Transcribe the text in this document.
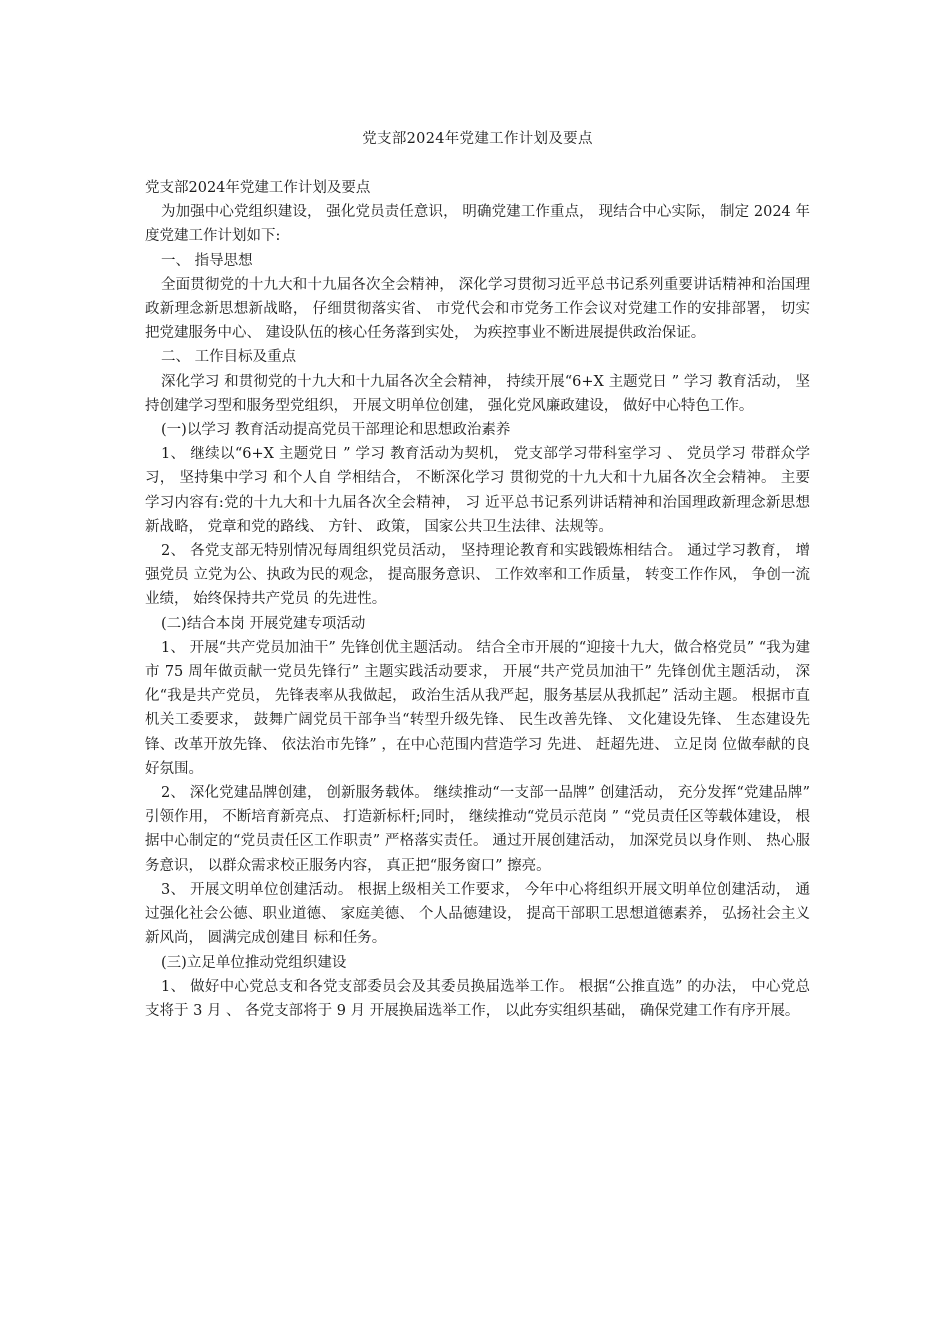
党支部2024年党建工作计划及要点

党支部2024年党建工作计划及要点

为加强中心党组织建设， 强化党员责任意识， 明确党建工作重点， 现结合中心实际， 制定 2024 年度党建工作计划如下:

一、 指导思想

全面贯彻党的十九大和十九届各次全会精神， 深化学习贯彻习近平总书记系列重要讲话精神和治国理政新理念新思想新战略， 仔细贯彻落实省、 市党代会和市党务工作会议对党建工作的安排部署， 切实把党建服务中心、 建设队伍的核心任务落到实处， 为疾控事业不断进展提供政治保证。

二、 工作目标及重点

深化学习 和贯彻党的十九大和十九届各次全会精神， 持续开展“6+X 主题党日 ” 学习 教育活动， 坚持创建学习型和服务型党组织， 开展文明单位创建， 强化党风廉政建设， 做好中心特色工作。

(一)以学习 教育活动提高党员干部理论和思想政治素养

1、 继续以“6+X 主题党日 ” 学习 教育活动为契机， 党支部学习带科室学习 、 党员学习 带群众学习， 坚持集中学习 和个人自 学相结合， 不断深化学习 贯彻党的十九大和十九届各次全会精神。 主要学习内容有:党的十九大和十九届各次全会精神， 习 近平总书记系列讲话精神和治国理政新理念新思想新战略， 党章和党的路线、 方针、 政策， 国家公共卫生法律、法规等。

2、 各党支部无特别情况每周组织党员活动， 坚持理论教育和实践锻炼相结合。 通过学习教育， 增强党员 立党为公、执政为民的观念， 提高服务意识、 工作效率和工作质量， 转变工作作风， 争创一流业绩， 始终保持共产党员 的先进性。

(二)结合本岗 开展党建专项活动

1、 开展“共产党员加油干” 先锋创优主题活动。 结合全市开展的“迎接十九大，做合格党员” “我为建市 75 周年做贡献一党员先锋行” 主题实践活动要求， 开展“共产党员加油干” 先锋创优主题活动， 深化“我是共产党员， 先锋表率从我做起， 政治生活从我严起，服务基层从我抓起” 活动主题。 根据市直机关工委要求， 鼓舞广阔党员干部争当“转型升级先锋、 民生改善先锋、 文化建设先锋、 生态建设先锋、改革开放先锋、 依法治市先锋” ，在中心范围内营造学习 先进、 赶超先进、 立足岗 位做奉献的良好氛围。

2、 深化党建品牌创建， 创新服务载体。 继续推动“一支部一品牌” 创建活动， 充分发挥“党建品牌” 引领作用， 不断培育新亮点、 打造新标杆;同时， 继续推动“党员示范岗 ” “党员责任区等载体建设， 根据中心制定的“党员责任区工作职责” 严格落实责任。 通过开展创建活动， 加深党员以身作则、 热心服务意识， 以群众需求校正服务内容， 真正把“服务窗口” 擦亮。

3、 开展文明单位创建活动。 根据上级相关工作要求， 今年中心将组织开展文明单位创建活动， 通过强化社会公德、职业道德、 家庭美德、 个人品德建设， 提高干部职工思想道德素养， 弘扬社会主义新风尚， 圆满完成创建目 标和任务。

(三)立足单位推动党组织建设

1、 做好中心党总支和各党支部委员会及其委员换届选举工作。 根据“公推直选” 的办法， 中心党总支将于 3 月 、 各党支部将于 9 月 开展换届选举工作， 以此夯实组织基础， 确保党建工作有序开展。
